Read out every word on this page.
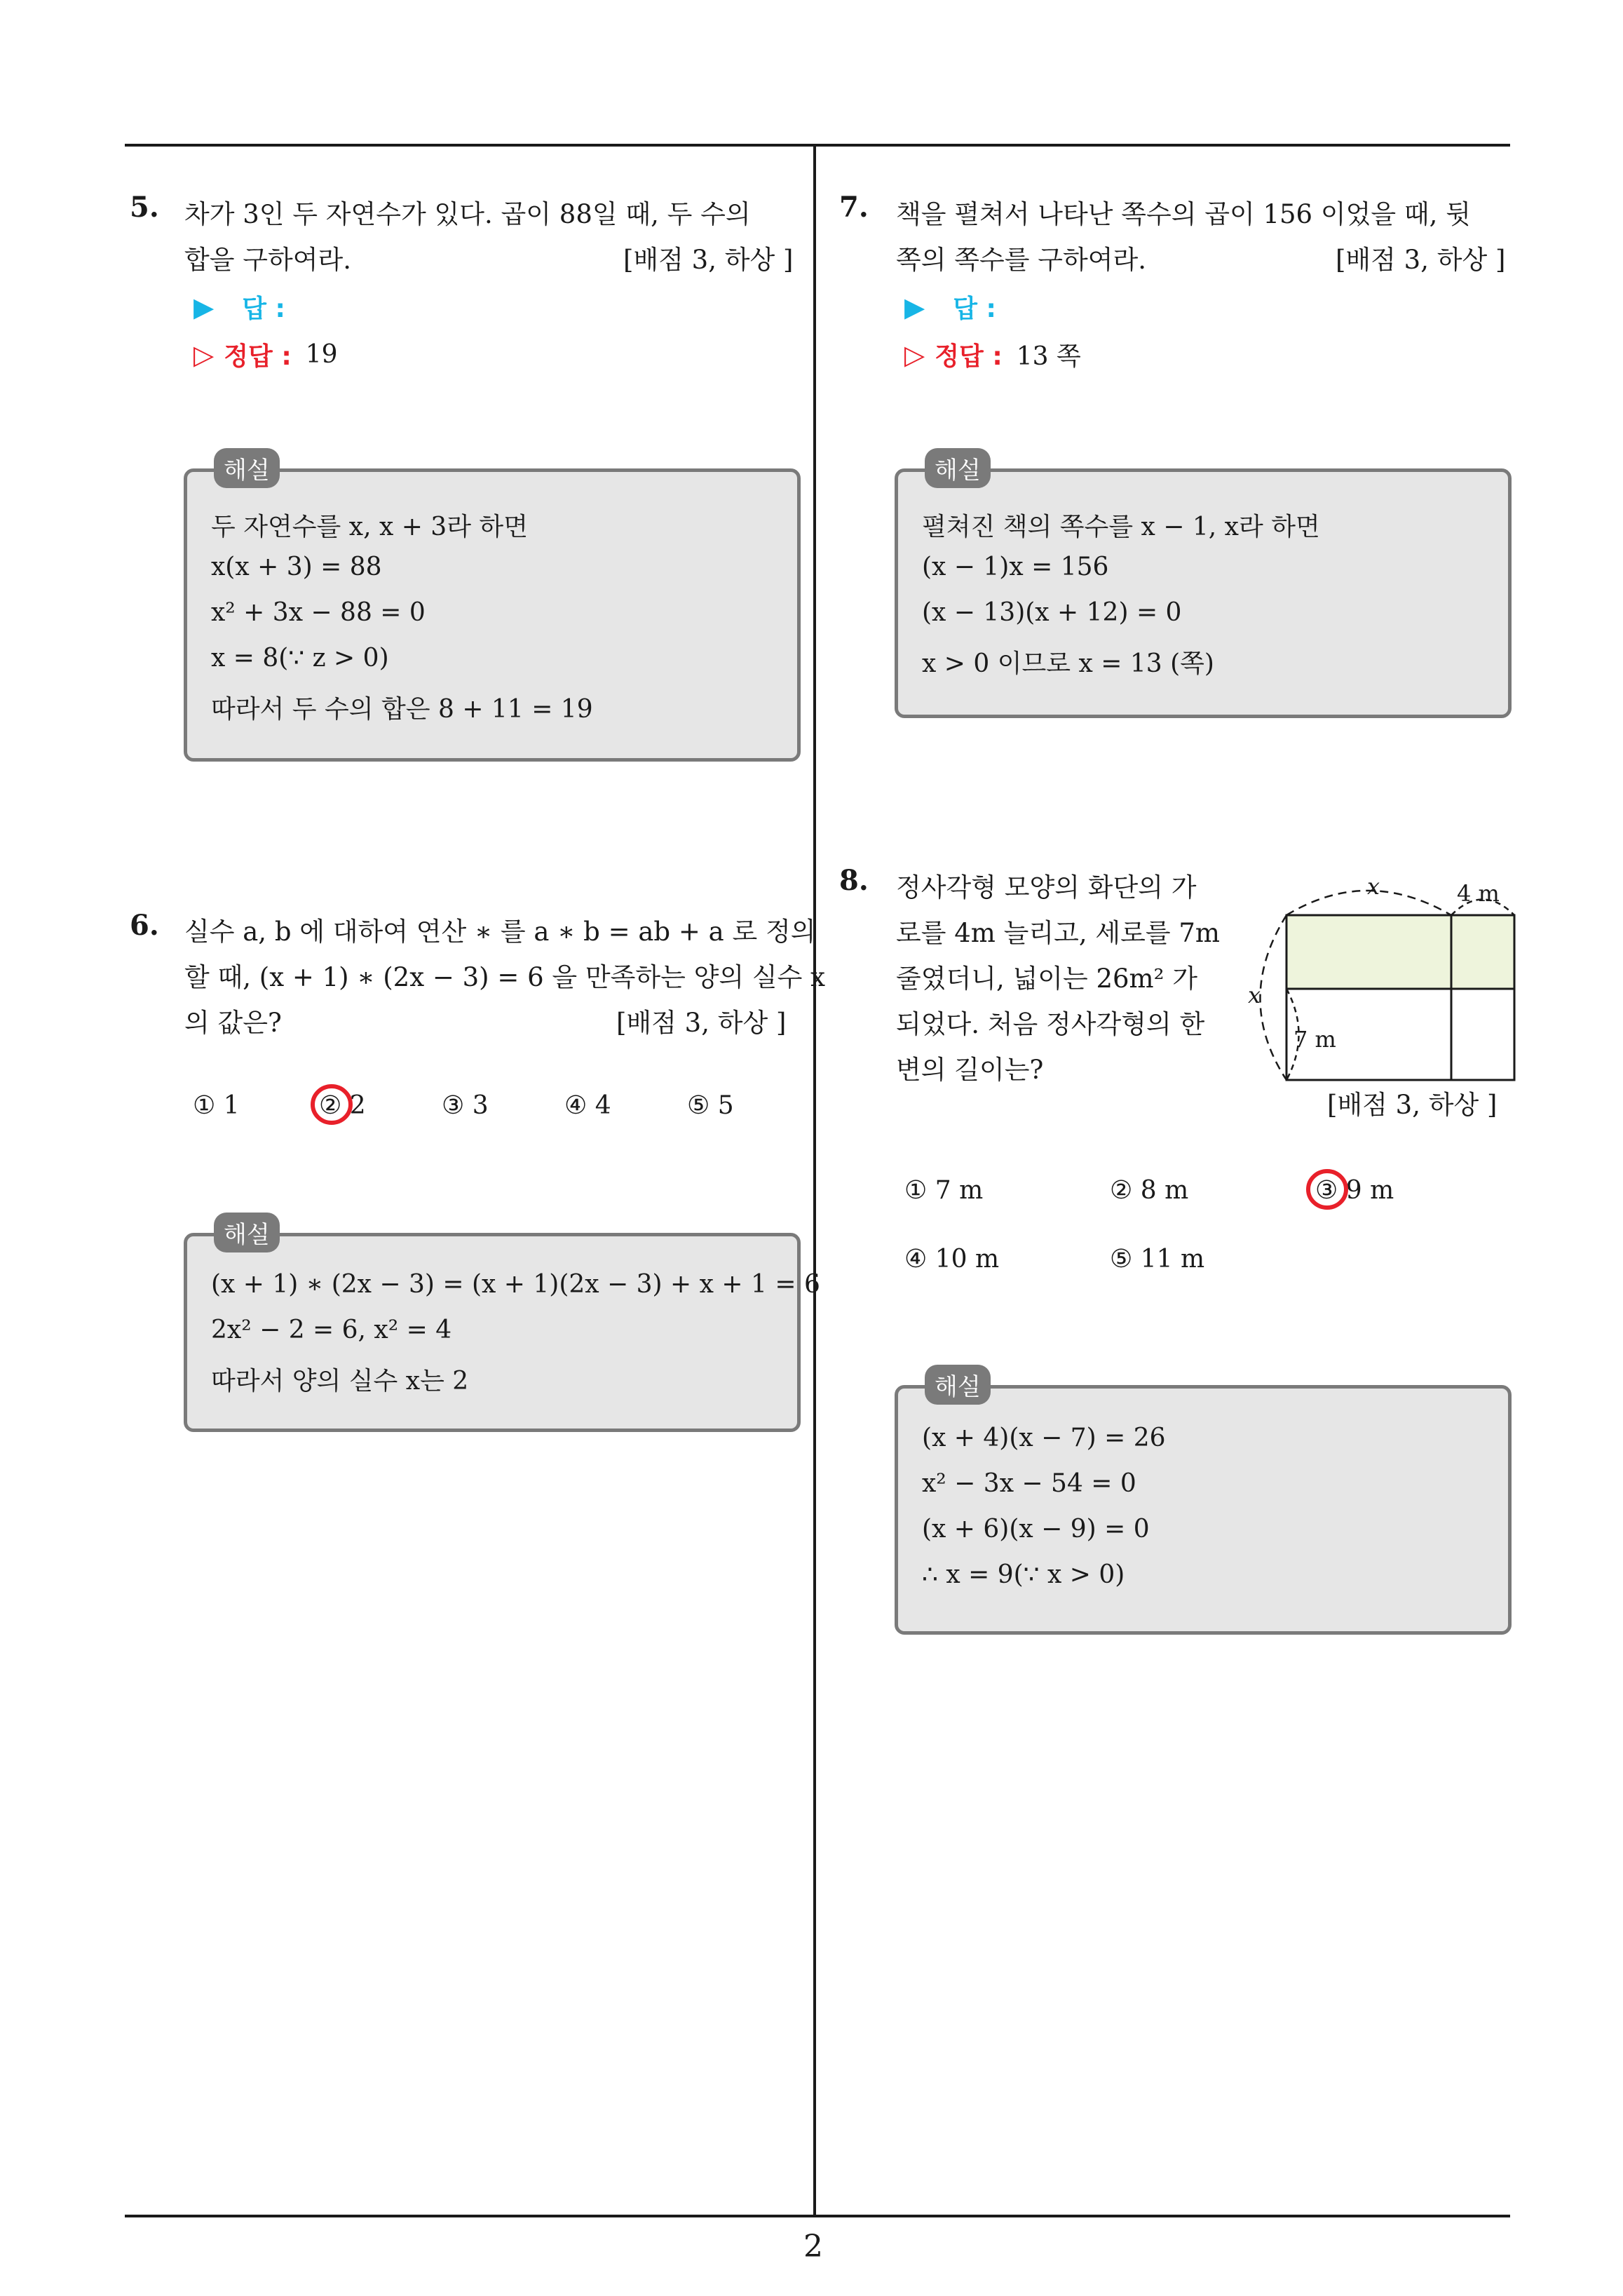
5. 차가 3인 두 자연수가 있다. 곱이 88일 때, 두 수의
합을 구하여라.	[배점 3, 하상 ]
▶ 답 :
▷ 정답 : 19
해설
두 자연수를 x, x + 3라 하면
x(x + 3) = 88
x² + 3x − 88 = 0
x = 8(∵ z > 0)
따라서 두 수의 합은 8 + 11 = 19
6. 실수 a, b 에 대하여 연산 ∗ 를 a ∗ b = ab + a 로 정의
할 때, (x + 1) ∗ (2x − 3) = 6 을 만족하는 양의 실수 x
의 값은?	[배점 3, 하상 ]
① 1	② 2	③ 3	④ 4	⑤ 5
해설
(x + 1) ∗ (2x − 3) = (x + 1)(2x − 3) + x + 1 = 6
2x² − 2 = 6, x² = 4
따라서 양의 실수 x는 2
7. 책을 펼쳐서 나타난 쪽수의 곱이 156 이었을 때, 뒷
쪽의 쪽수를 구하여라.	[배점 3, 하상 ]
▶ 답 :
▷ 정답 : 13 쪽
해설
펼쳐진 책의 쪽수를 x − 1, x라 하면
(x − 1)x = 156
(x − 13)(x + 12) = 0
x > 0 이므로 x = 13 (쪽)
8. 정사각형 모양의 화단의 가
로를 4m 늘리고, 세로를 7m
줄였더니, 넓이는 26m² 가
되었다. 처음 정사각형의 한
변의 길이는?
x	4 m
x
7 m
[배점 3, 하상 ]
① 7 m	② 8 m	③ 9 m
④ 10 m	⑤ 11 m
해설
(x + 4)(x − 7) = 26
x² − 3x − 54 = 0
(x + 6)(x − 9) = 0
∴ x = 9(∵ x > 0)
2
